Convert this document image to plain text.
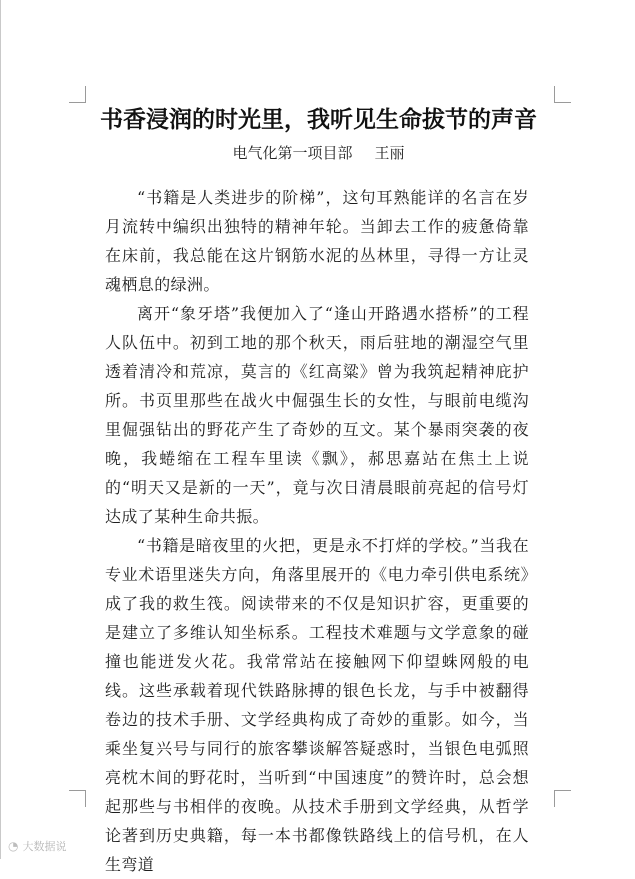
书香浸润的时光里，我听见生命拔节的声音
电气化第一项目部 王丽

“书籍是人类进步的阶梯”，这句耳熟能详的名言在岁月流转中编织出独特的精神年轮。当卸去工作的疲惫倚靠在床前，我总能在这片钢筋水泥的丛林里，寻得一方让灵魂栖息的绿洲。

离开“象牙塔”我便加入了“逢山开路遇水搭桥”的工程人队伍中。初到工地的那个秋天，雨后驻地的潮湿空气里透着清冷和荒凉，莫言的《红高粱》曾为我筑起精神庇护所。书页里那些在战火中倔强生长的女性，与眼前电缆沟里倔强钻出的野花产生了奇妙的互文。某个暴雨突袭的夜晚，我蜷缩在工程车里读《飘》，郝思嘉站在焦土上说的“明天又是新的一天”，竟与次日清晨眼前亮起的信号灯达成了某种生命共振。

“书籍是暗夜里的火把，更是永不打烊的学校。”当我在专业术语里迷失方向，角落里展开的《电力牵引供电系统》成了我的救生筏。阅读带来的不仅是知识扩容，更重要的是建立了多维认知坐标系。工程技术难题与文学意象的碰撞也能迸发火花。我常常站在接触网下仰望蛛网般的电线。这些承载着现代铁路脉搏的银色长龙，与手中被翻得卷边的技术手册、文学经典构成了奇妙的重影。如今，当乘坐复兴号与同行的旅客攀谈解答疑惑时，当银色电弧照亮枕木间的野花时，当听到“中国速度”的赞许时，总会想起那些与书相伴的夜晚。从技术手册到文学经典，从哲学论著到历史典籍，每一本书都像铁路线上的信号机，在人生弯道

◔ 大数据说
